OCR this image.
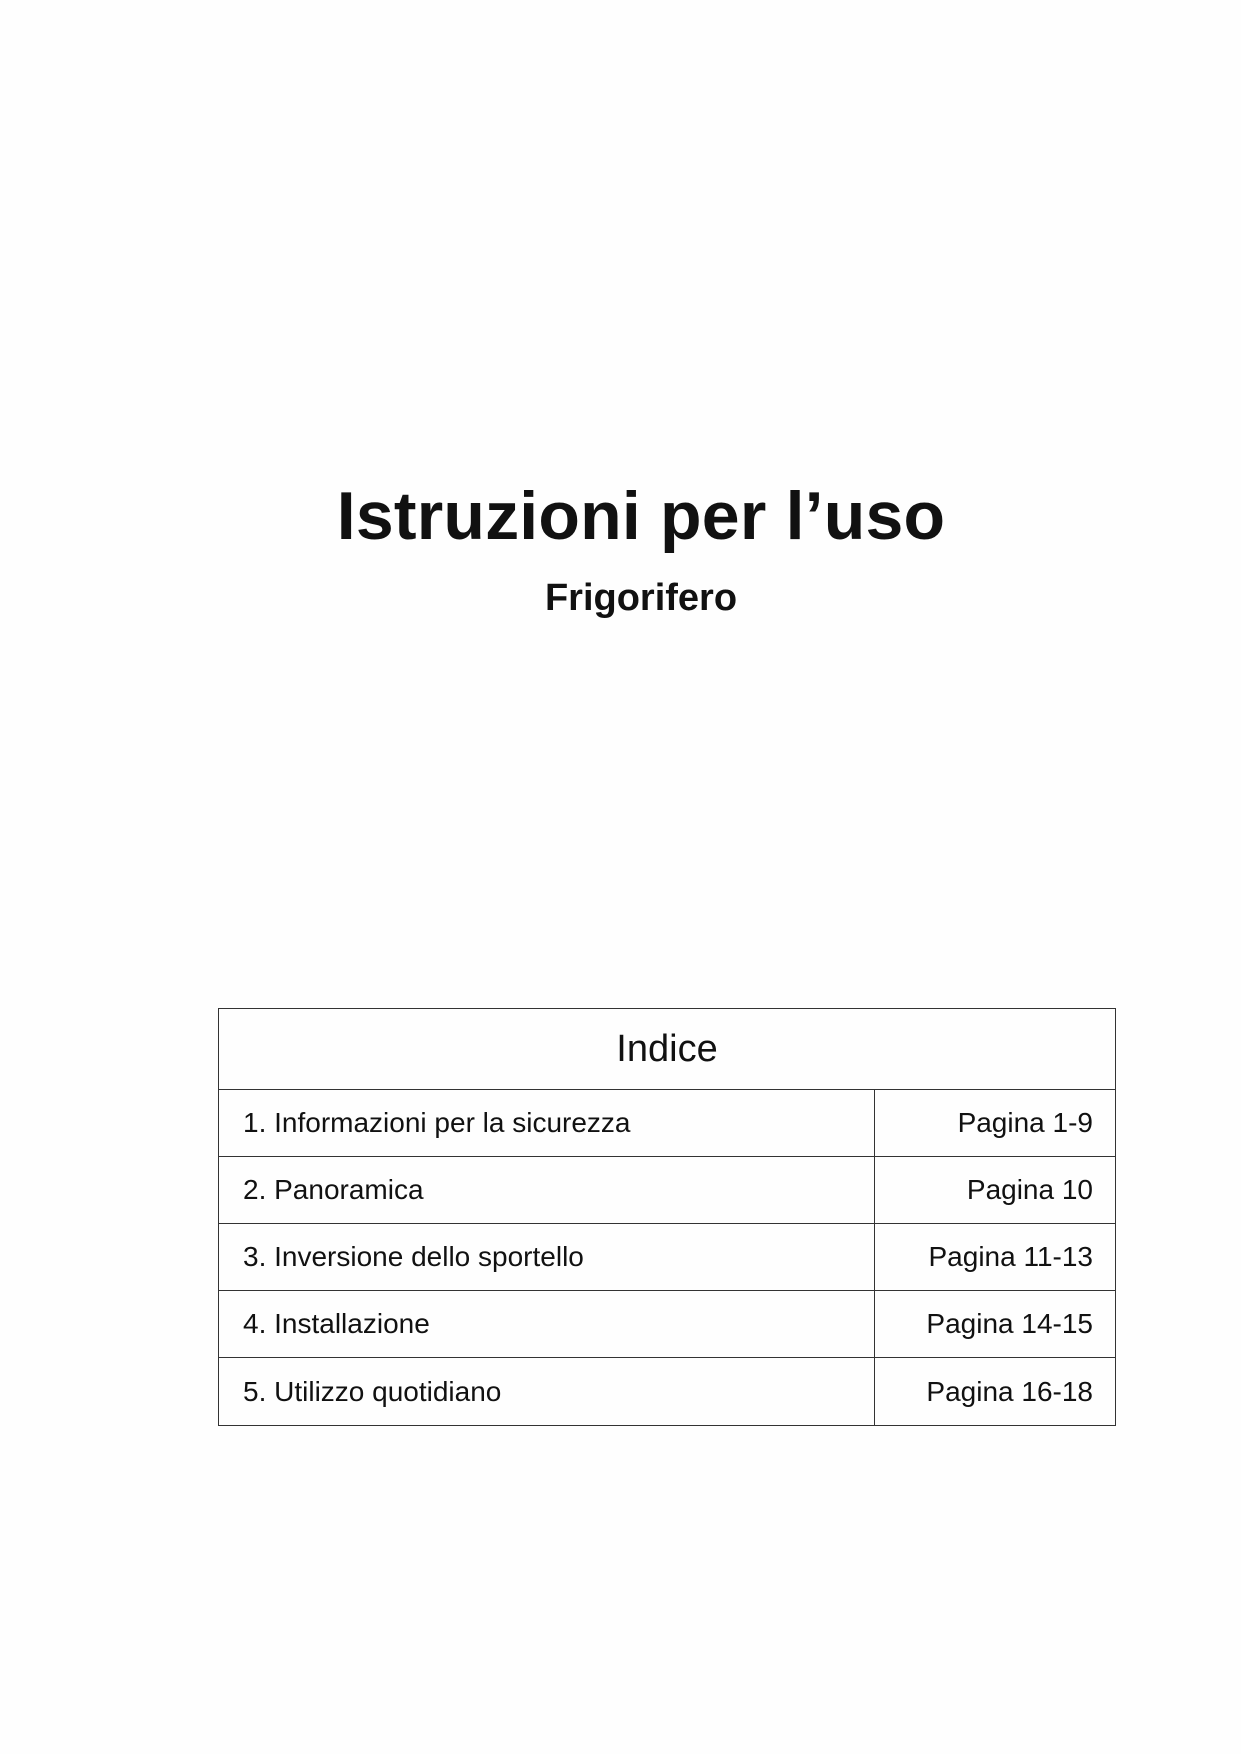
Istruzioni per l’uso
Frigorifero
Indice
1. Informazioni per la sicurezza	Pagina 1-9
2. Panoramica	Pagina 10
3. Inversione dello sportello	Pagina 11-13
4. Installazione	Pagina 14-15
5. Utilizzo quotidiano	Pagina 16-18
